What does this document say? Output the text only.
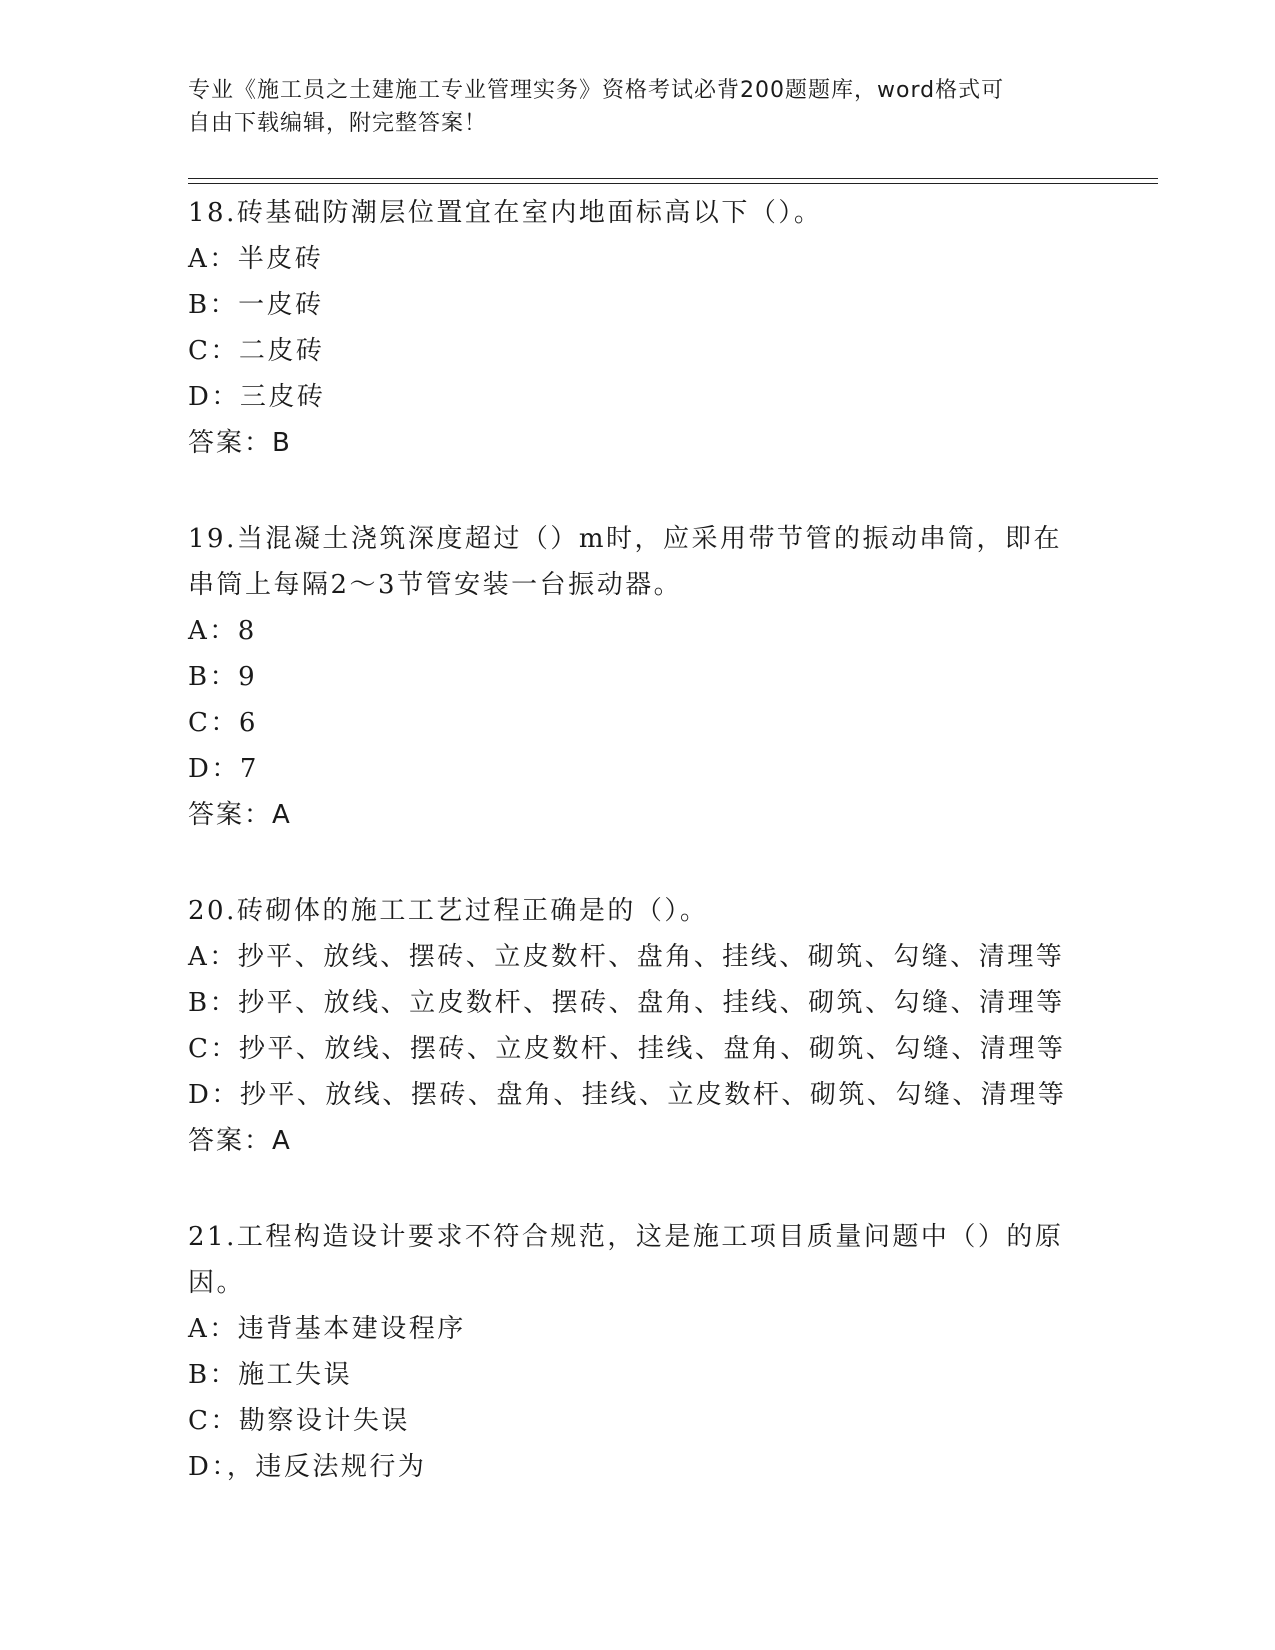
专业《施工员之土建施工专业管理实务》资格考试必背200题题库，word格式可
自由下载编辑，附完整答案！
18.砖基础防潮层位置宜在室内地面标高以下（）。
A：半皮砖
B：一皮砖
C：二皮砖
D：三皮砖
答案：B
19.当混凝土浇筑深度超过（）m时，应采用带节管的振动串筒，即在
串筒上每隔2～3节管安装一台振动器。
A：8
B：9
C：6
D：7
答案：A
20.砖砌体的施工工艺过程正确是的（）。
A：抄平、放线、摆砖、立皮数杆、盘角、挂线、砌筑、勾缝、清理等
B：抄平、放线、立皮数杆、摆砖、盘角、挂线、砌筑、勾缝、清理等
C：抄平、放线、摆砖、立皮数杆、挂线、盘角、砌筑、勾缝、清理等
D：抄平、放线、摆砖、盘角、挂线、立皮数杆、砌筑、勾缝、清理等
答案：A
21.工程构造设计要求不符合规范，这是施工项目质量问题中（）的原
因。
A：违背基本建设程序
B：施工失误
C：勘察设计失误
D：，违反法规行为
